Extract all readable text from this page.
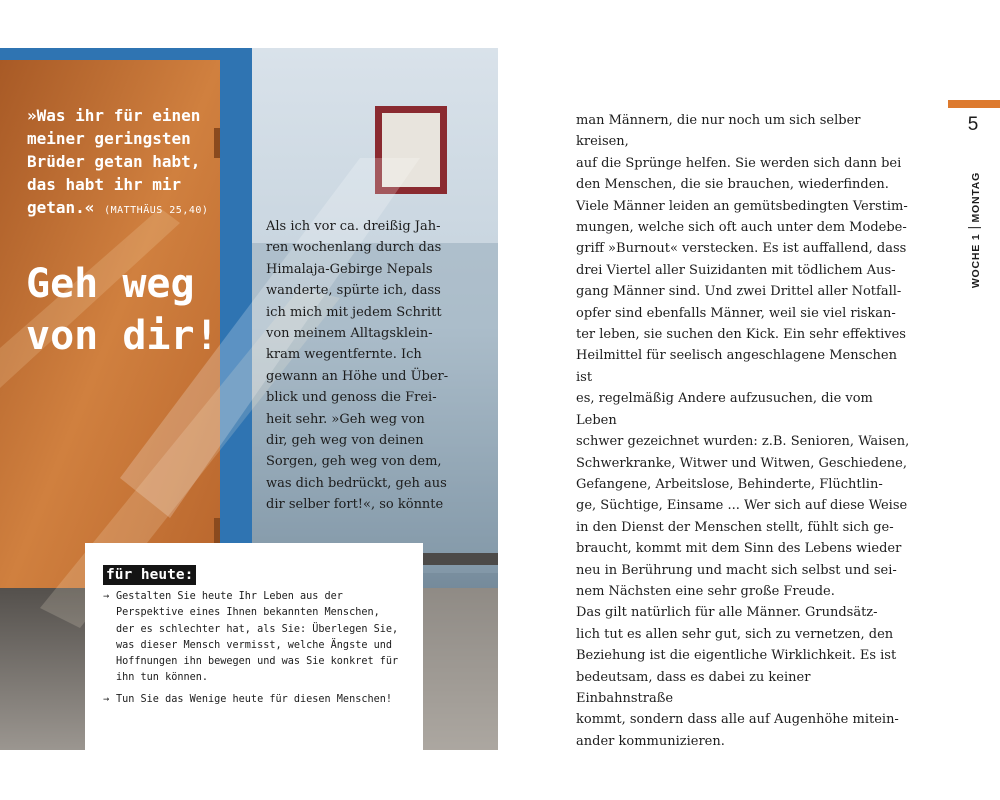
»Was ihr für einen
meiner geringsten
Brüder getan habt,
das habt ihr mir
getan.« (MATTHÄUS 25,40)
Geh weg
von dir!
Als ich vor ca. dreißig Jah-
ren wochenlang durch das
Himalaja-Gebirge Nepals
wanderte, spürte ich, dass
ich mich mit jedem Schritt
von meinem Alltagsklein-
kram wegentfernte. Ich
gewann an Höhe und Über-
blick und genoss die Frei-
heit sehr. »Geh weg von
dir, geh weg von deinen
Sorgen, geh weg von dem,
was dich bedrückt, geh aus
dir selber fort!«, so könnte
für heute:
→ Gestalten Sie heute Ihr Leben aus der
Perspektive eines Ihnen bekannten Menschen,
der es schlechter hat, als Sie: Überlegen Sie,
was dieser Mensch vermisst, welche Ängste und
Hoffnungen ihn bewegen und was Sie konkret für
ihn tun können.
→ Tun Sie das Wenige heute für diesen Menschen!
man Männern, die nur noch um sich selber kreisen,
auf die Sprünge helfen. Sie werden sich dann bei
den Menschen, die sie brauchen, wiederfinden.
Viele Männer leiden an gemütsbedingten Verstim-
mungen, welche sich oft auch unter dem Modebe-
griff »Burnout« verstecken. Es ist auffallend, dass
drei Viertel aller Suizidanten mit tödlichem Aus-
gang Männer sind. Und zwei Drittel aller Notfall-
opfer sind ebenfalls Männer, weil sie viel riskan-
ter leben, sie suchen den Kick. Ein sehr effektives
Heilmittel für seelisch angeschlagene Menschen ist
es, regelmäßig Andere aufzusuchen, die vom Leben
schwer gezeichnet wurden: z.B. Senioren, Waisen,
Schwerkranke, Witwer und Witwen, Geschiedene,
Gefangene, Arbeitslose, Behinderte, Flüchtlin-
ge, Süchtige, Einsame ... Wer sich auf diese Weise
in den Dienst der Menschen stellt, fühlt sich ge-
braucht, kommt mit dem Sinn des Lebens wieder
neu in Berührung und macht sich selbst und sei-
nem Nächsten eine sehr große Freude.
Das gilt natürlich für alle Männer. Grundsätz-
lich tut es allen sehr gut, sich zu vernetzen, den
Beziehung ist die eigentliche Wirklichkeit. Es ist
bedeutsam, dass es dabei zu keiner Einbahnstraße
kommt, sondern dass alle auf Augenhöhe mitein-
ander kommunizieren.
5
WOCHE 1MONTAG
